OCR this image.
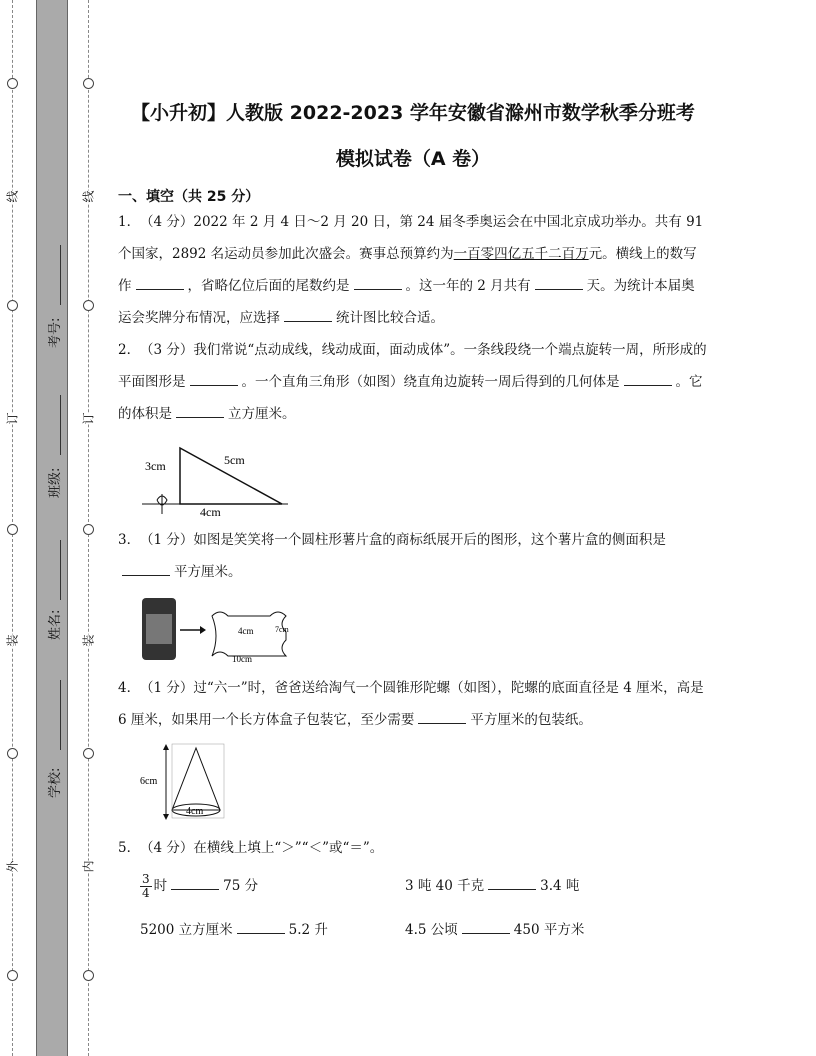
线
订
装
外
线
订
装
内
考号:
班级:
姓名:
学校:
【小升初】人教版 2022-2023 学年安徽省滁州市数学秋季分班考
模拟试卷（A 卷）
一、填空（共 25 分）
1．（4 分）2022 年 2 月 4 日～2 月 20 日，第 24 届冬季奥运会在中国北京成功举办。共有 91 个国家，2892 名运动员参加此次盛会。赛事总预算约为一百零四亿五千二百万元。横线上的数写作	，省略亿位后面的尾数约是	。这一年的 2 月共有	天。为统计本届奥运会奖牌分布情况，应选择	统计图比较合适。
2．（3 分）我们常说“点动成线，线动成面，面动成体”。一条线段绕一个端点旋转一周，所形成的平面图形是	。一个直角三角形（如图）绕直角边旋转一周后得到的几何体是	。它的体积是	立方厘米。
3cm	5cm
4cm
3．（1 分）如图是笑笑将一个圆柱形薯片盒的商标纸展开后的图形，这个薯片盒的侧面积是平方厘米。
4cm
10cm
7cm
4．（1 分）过“六一”时，爸爸送给淘气一个圆锥形陀螺（如图），陀螺的底面直径是 4 厘米，高是 6 厘米，如果用一个长方体盒子包装它，至少需要	平方厘米的包装纸。
6cm
4cm
5．（4 分）在横线上填上“＞”“＜”或“＝”。
$\frac{3}{4}$ 时	75 分	3 吨 40 千克	3.4 吨
5200 立方厘米	5.2 升	4.5 公顷	450 平方米
